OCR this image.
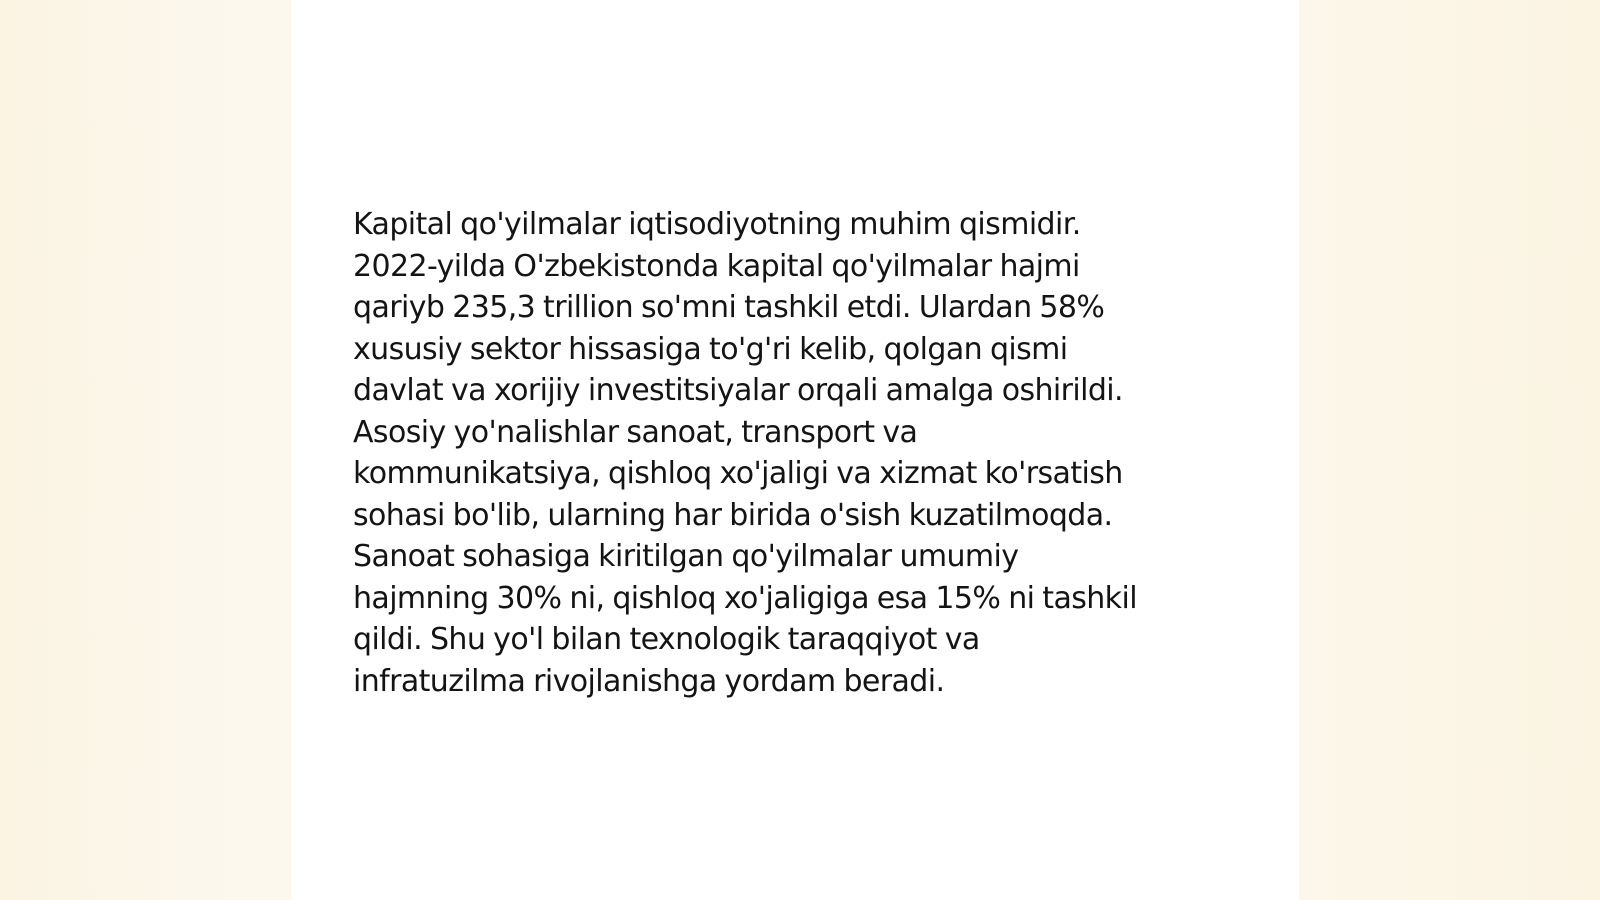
Kapital qo'yilmalar iqtisodiyotning muhim qismidir.
2022-yilda O'zbekistonda kapital qo'yilmalar hajmi
qariyb 235,3 trillion so'mni tashkil etdi. Ulardan 58%
xususiy sektor hissasiga to'g'ri kelib, qolgan qismi
davlat va xorijiy investitsiyalar orqali amalga oshirildi.
Asosiy yo'nalishlar sanoat, transport va
kommunikatsiya, qishloq xo'jaligi va xizmat ko'rsatish
sohasi bo'lib, ularning har birida o'sish kuzatilmoqda.
Sanoat sohasiga kiritilgan qo'yilmalar umumiy
hajmning 30% ni, qishloq xo'jaligiga esa 15% ni tashkil
qildi. Shu yo'l bilan texnologik taraqqiyot va
infratuzilma rivojlanishga yordam beradi.
